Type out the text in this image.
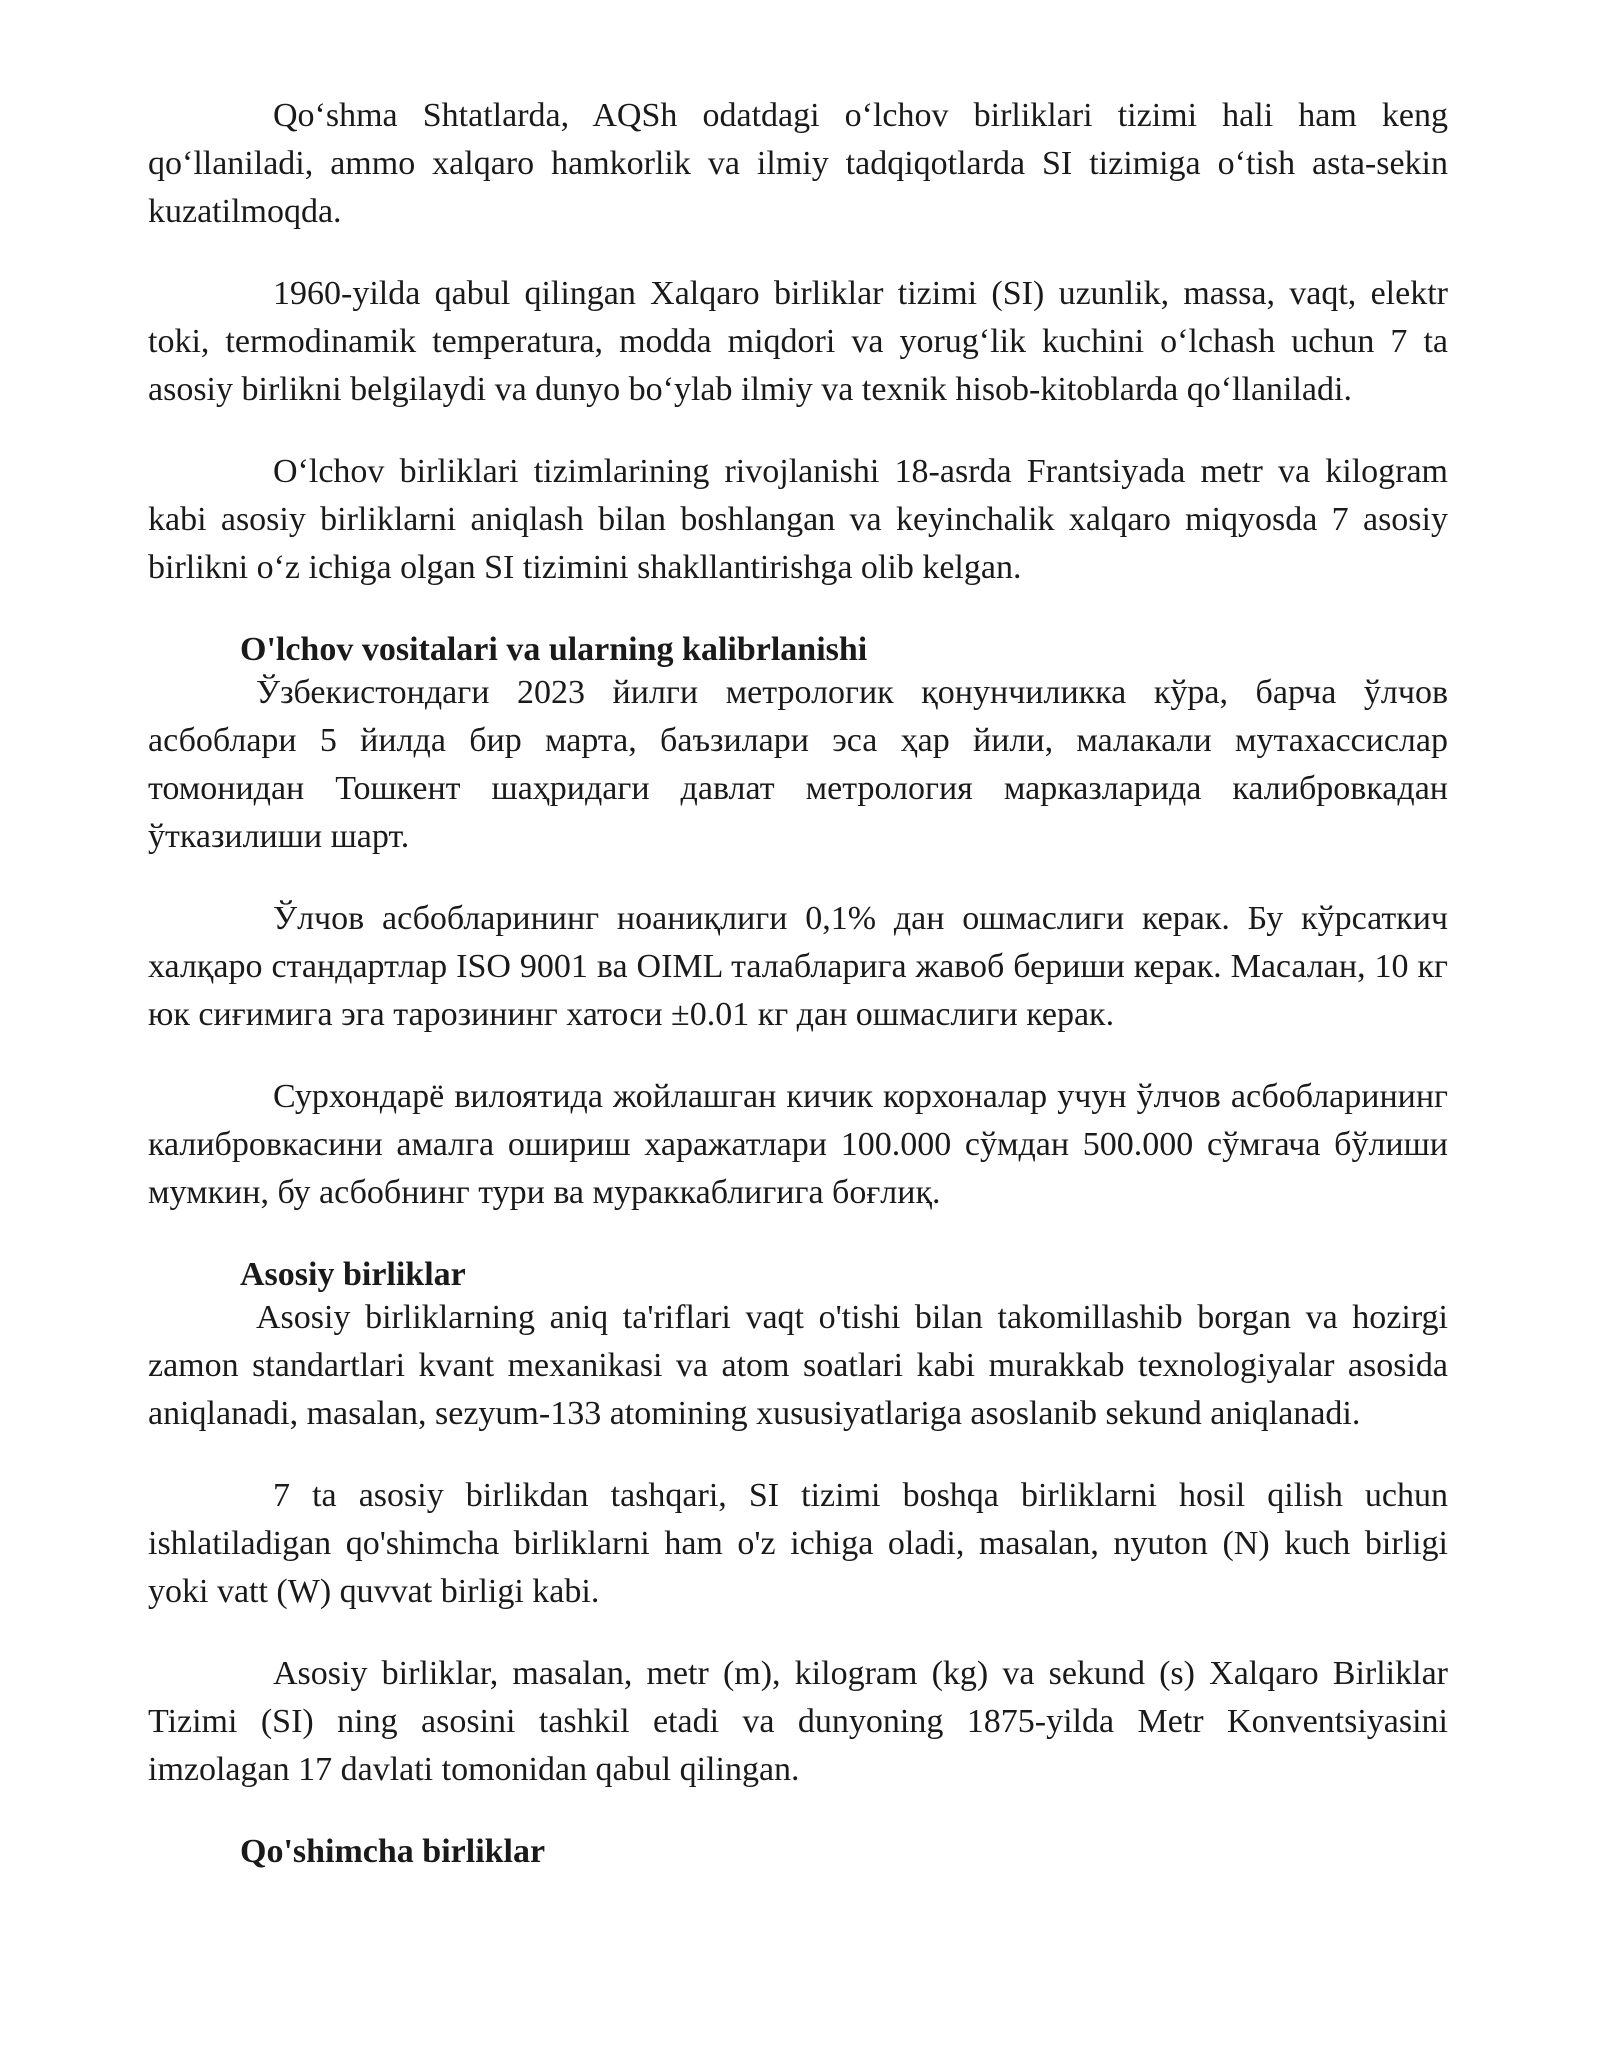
Qo‘shma Shtatlarda, AQSh odatdagi o‘lchov birliklari tizimi hali ham keng qo‘llaniladi, ammo xalqaro hamkorlik va ilmiy tadqiqotlarda SI tizimiga o‘tish asta-sekin kuzatilmoqda.

1960-yilda qabul qilingan Xalqaro birliklar tizimi (SI) uzunlik, massa, vaqt, elektr toki, termodinamik temperatura, modda miqdori va yorug‘lik kuchini o‘lchash uchun 7 ta asosiy birlikni belgilaydi va dunyo bo‘ylab ilmiy va texnik hisob-kitoblarda qo‘llaniladi.

O‘lchov birliklari tizimlarining rivojlanishi 18-asrda Frantsiyada metr va kilogram kabi asosiy birliklarni aniqlash bilan boshlangan va keyinchalik xalqaro miqyosda 7 asosiy birlikni o‘z ichiga olgan SI tizimini shakllantirishga olib kelgan.

O'lchov vositalari va ularning kalibrlanishi

Ўзбекистондаги 2023 йилги метрологик қонунчиликка кўра, барча ўлчов асбоблари 5 йилда бир марта, баъзилари эса ҳар йили, малакали мутахассислар томонидан Тошкент шаҳридаги давлат метрология марказларида калибровкадан ўтказилиши шарт.

Ўлчов асбобларининг ноаниқлиги 0,1% дан ошмаслиги керак. Бу кўрсаткич халқаро стандартлар ISO 9001 ва OIML талабларига жавоб бериши керак. Масалан, 10 кг юк сиғимига эга тарозининг хатоси ±0.01 кг дан ошмаслиги керак.

Сурхондарё вилоятида жойлашган кичик корхоналар учун ўлчов асбобларининг калибровкасини амалга ошириш харажатлари 100.000 сўмдан 500.000 сўмгача бўлиши мумкин, бу асбобнинг тури ва мураккаблигига боғлиқ.

Asosiy birliklar

Asosiy birliklarning aniq ta'riflari vaqt o'tishi bilan takomillashib borgan va hozirgi zamon standartlari kvant mexanikasi va atom soatlari kabi murakkab texnologiyalar asosida aniqlanadi, masalan, sezyum-133 atomining xususiyatlariga asoslanib sekund aniqlanadi.

7 ta asosiy birlikdan tashqari, SI tizimi boshqa birliklarni hosil qilish uchun ishlatiladigan qo'shimcha birliklarni ham o'z ichiga oladi, masalan, nyuton (N) kuch birligi yoki vatt (W) quvvat birligi kabi.

Asosiy birliklar, masalan, metr (m), kilogram (kg) va sekund (s) Xalqaro Birliklar Tizimi (SI) ning asosini tashkil etadi va dunyoning 1875-yilda Metr Konventsiyasini imzolagan 17 davlati tomonidan qabul qilingan.

Qo'shimcha birliklar
